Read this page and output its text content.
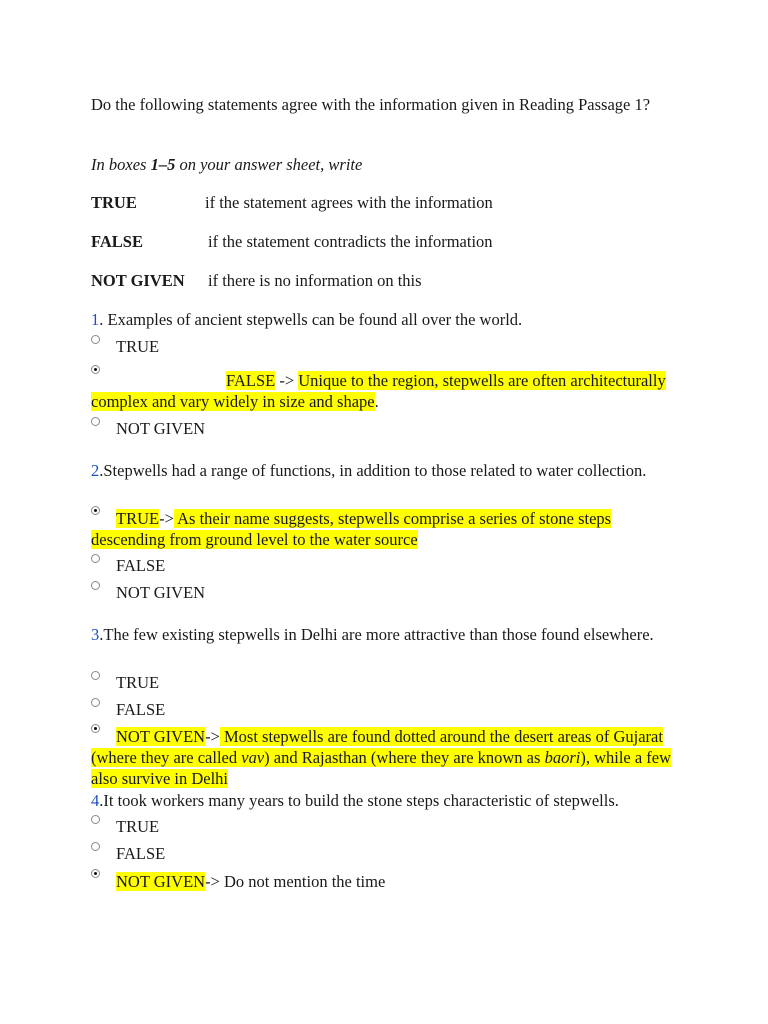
Do the following statements agree with the information given in Reading Passage 1?
In boxes 1–5 on your answer sheet, write
TRUE	if the statement agrees with the information
FALSE	if the statement contradicts the information
NOT GIVEN if there is no information on this
1. Examples of ancient stepwells can be found all over the world.
TRUE
FALSE -> Unique to the region, stepwells are often architecturally complex and vary widely in size and shape.
NOT GIVEN
2.Stepwells had a range of functions, in addition to those related to water collection.
TRUE-> As their name suggests, stepwells comprise a series of stone steps descending from ground level to the water source
FALSE
NOT GIVEN
3.The few existing stepwells in Delhi are more attractive than those found elsewhere.
TRUE
FALSE
NOT GIVEN-> Most stepwells are found dotted around the desert areas of Gujarat (where they are called vav) and Rajasthan (where they are known as baori), while a few also survive in Delhi
4.It took workers many years to build the stone steps characteristic of stepwells.
TRUE
FALSE
NOT GIVEN-> Do not mention the time
